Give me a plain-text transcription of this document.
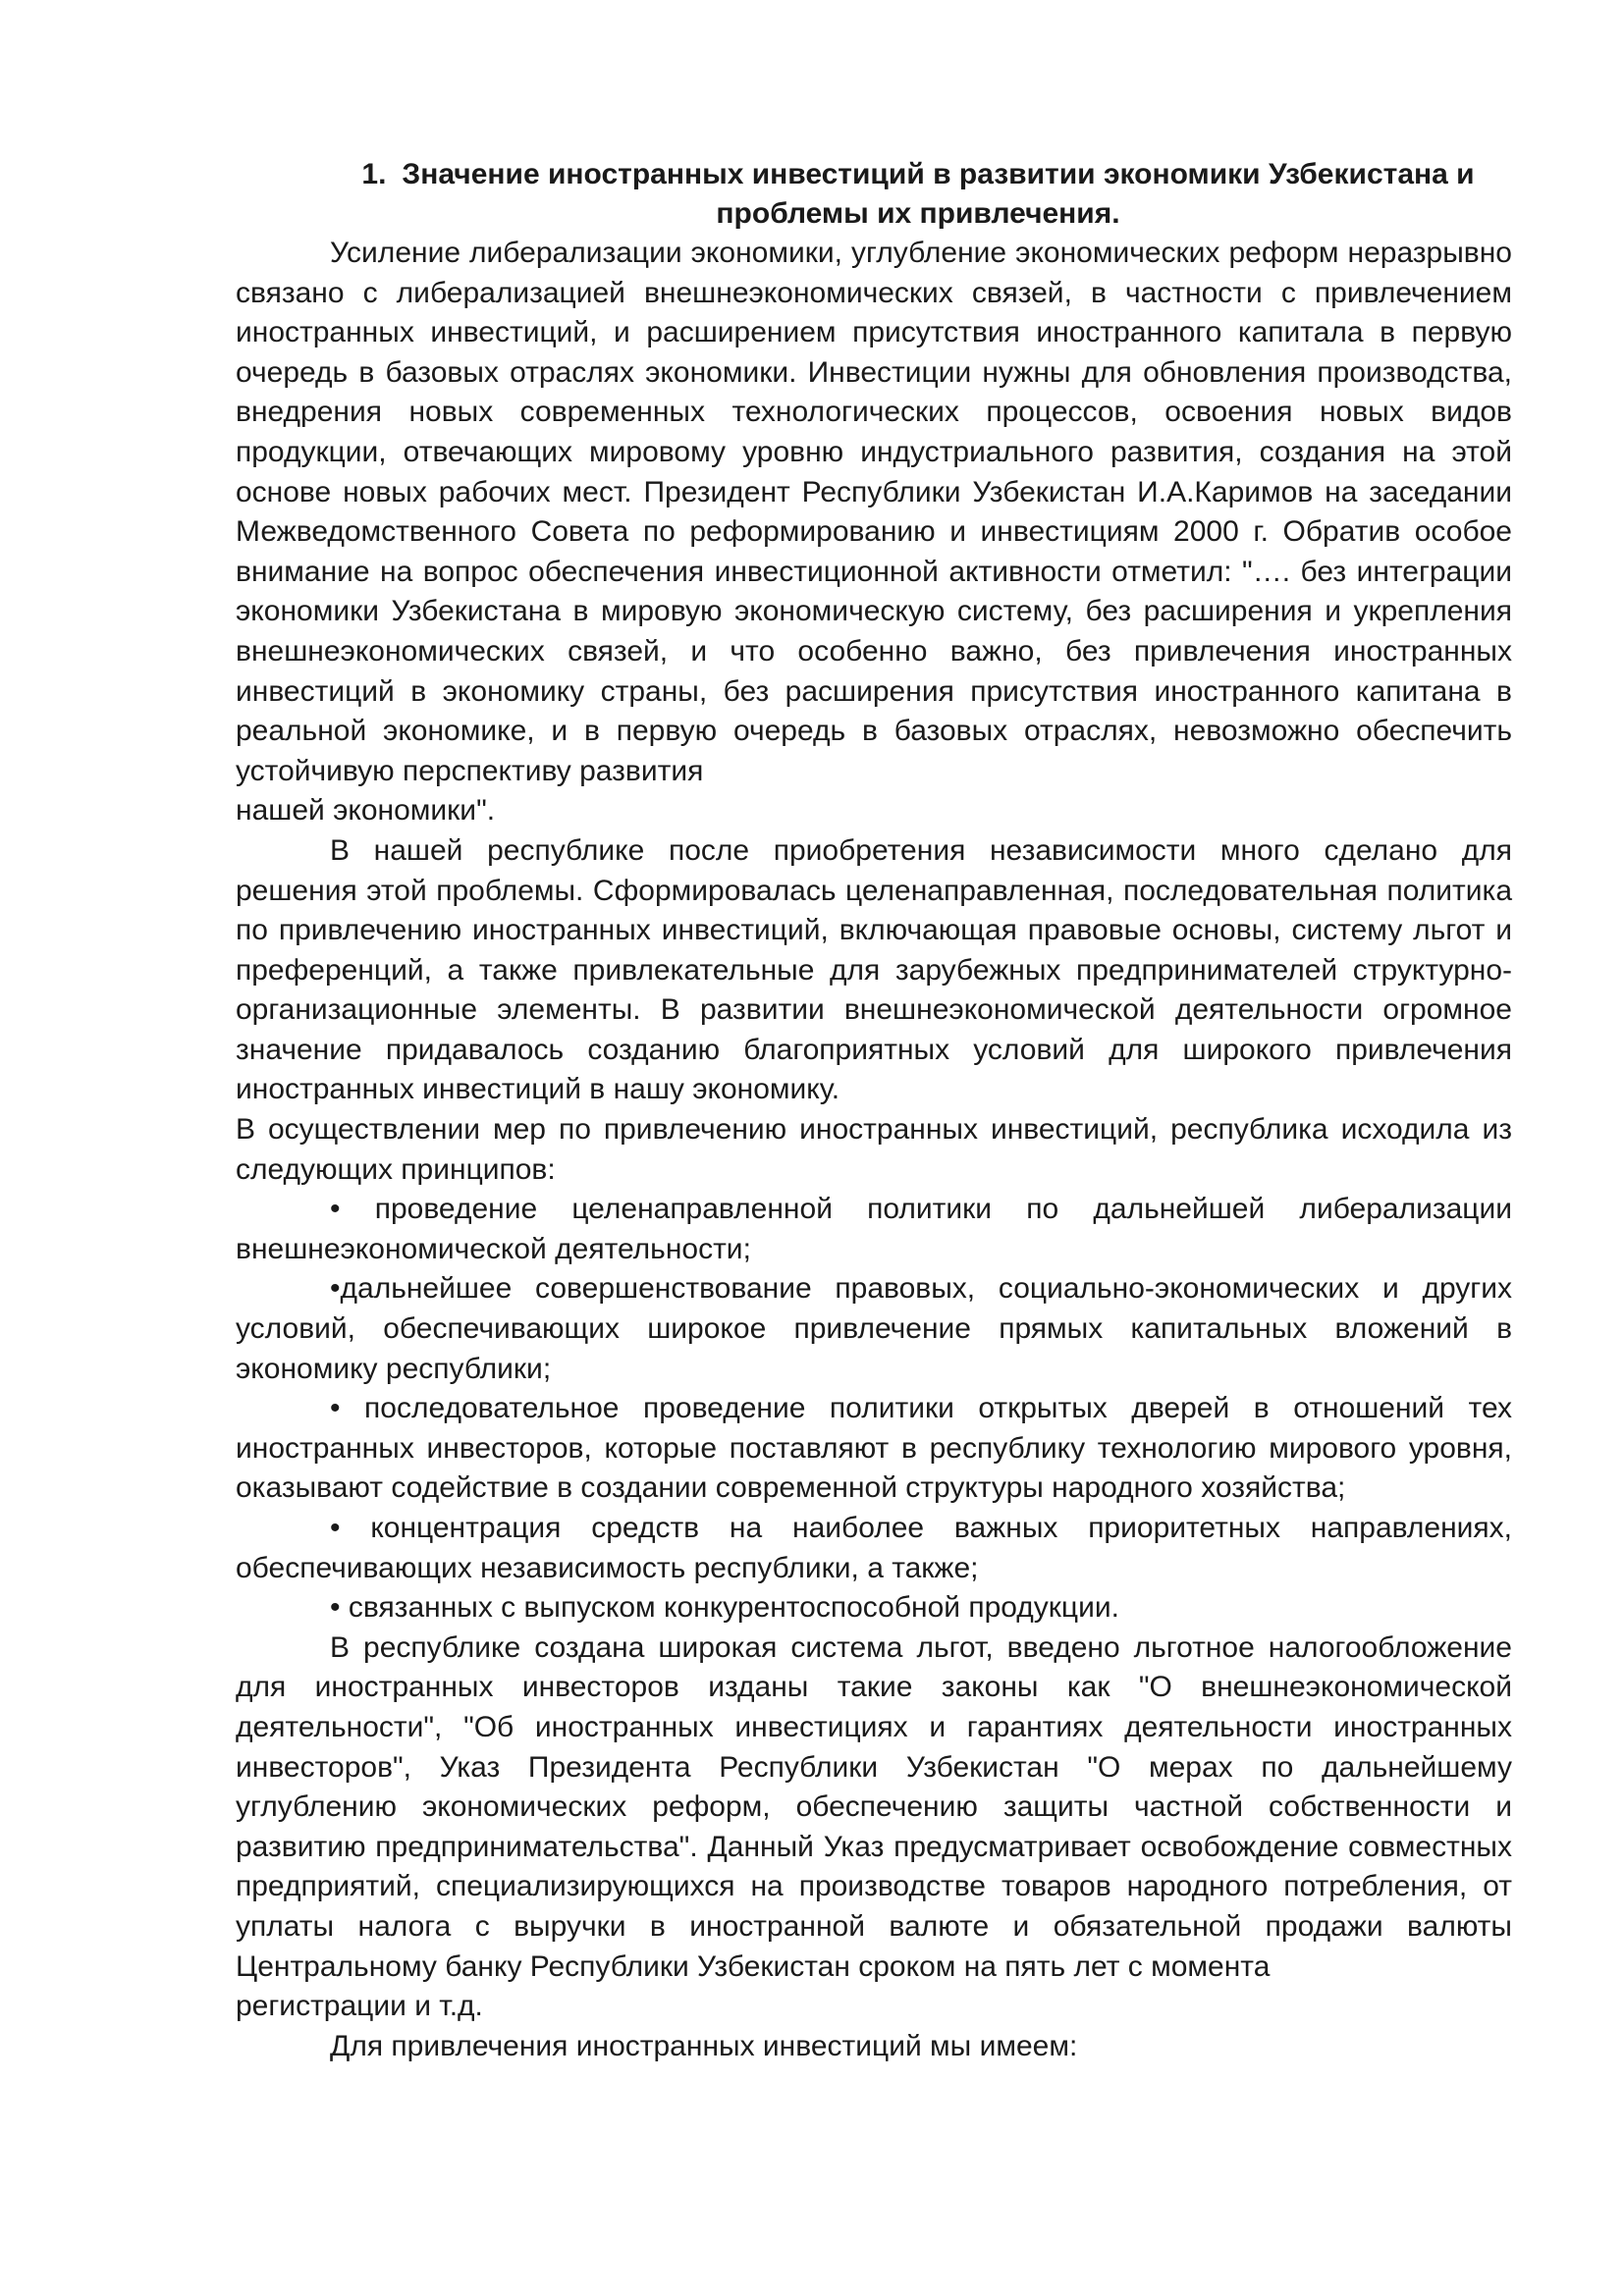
1. Значение иностранных инвестиций в развитии экономики Узбекистана и
проблемы их привлечения.

Усиление либерализации экономики, углубление экономических реформ неразрывно связано с либерализацией внешнеэкономических связей, в частности с привлечением иностранных инвестиций, и расширением присутствия иностранного капитала в первую очередь в базовых отраслях экономики. Инвестиции нужны для обновления производства, внедрения новых современных технологических процессов, освоения новых видов продукции, отвечающих мировому уровню индустриального развития, создания на этой основе новых рабочих мест. Президент Республики Узбекистан И.А.Каримов на заседании Межведомственного Совета по реформированию и инвестициям 2000 г. Обратив особое внимание на вопрос обеспечения инвестиционной активности отметил: "…. без интеграции экономики Узбекистана в мировую экономическую систему, без расширения и укрепления внешнеэкономических связей, и что особенно важно, без привлечения иностранных инвестиций в экономику страны, без расширения присутствия иностранного капитана в реальной экономике, и в первую очередь в базовых отраслях, невозможно обеспечить устойчивую перспективу развития

нашей экономики".

В нашей республике после приобретения независимости много сделано для решения этой проблемы. Сформировалась целенаправленная, последовательная политика по привлечению иностранных инвестиций, включающая правовые основы, систему льгот и преференций, а также привлекательные для зарубежных предпринимателей структурно-организационные элементы. В развитии внешнеэкономической деятельности огромное значение придавалось созданию благоприятных условий для широкого привлечения иностранных инвестиций в нашу экономику.

В осуществлении мер по привлечению иностранных инвестиций, республика исходила из следующих принципов:

• проведение целенаправленной политики по дальнейшей либерализации внешнеэкономической деятельности;

•дальнейшее совершенствование правовых, социально-экономических и других условий, обеспечивающих широкое привлечение прямых капитальных вложений в экономику республики;

• последовательное проведение политики открытых дверей в отношений тех иностранных инвесторов, которые поставляют в республику технологию мирового уровня, оказывают содействие в создании современной структуры народного хозяйства;

• концентрация средств на наиболее важных приоритетных направлениях, обеспечивающих независимость республики, а также;

• связанных с выпуском конкурентоспособной продукции.

В республике создана широкая система льгот, введено льготное налогообложение для иностранных инвесторов изданы такие законы как "О внешнеэкономической деятельности", "Об иностранных инвестициях и гарантиях деятельности иностранных инвесторов", Указ Президента Республики Узбекистан "О мерах по дальнейшему углублению экономических реформ, обеспечению защиты частной собственности и развитию предпринимательства". Данный Указ предусматривает освобождение совместных предприятий, специализирующихся на производстве товаров народного потребления, от уплаты налога с выручки в иностранной валюте и обязательной продажи валюты Центральному банку Республики Узбекистан сроком на пять лет с момента

регистрации и т.д.

Для привлечения иностранных инвестиций мы имеем:
